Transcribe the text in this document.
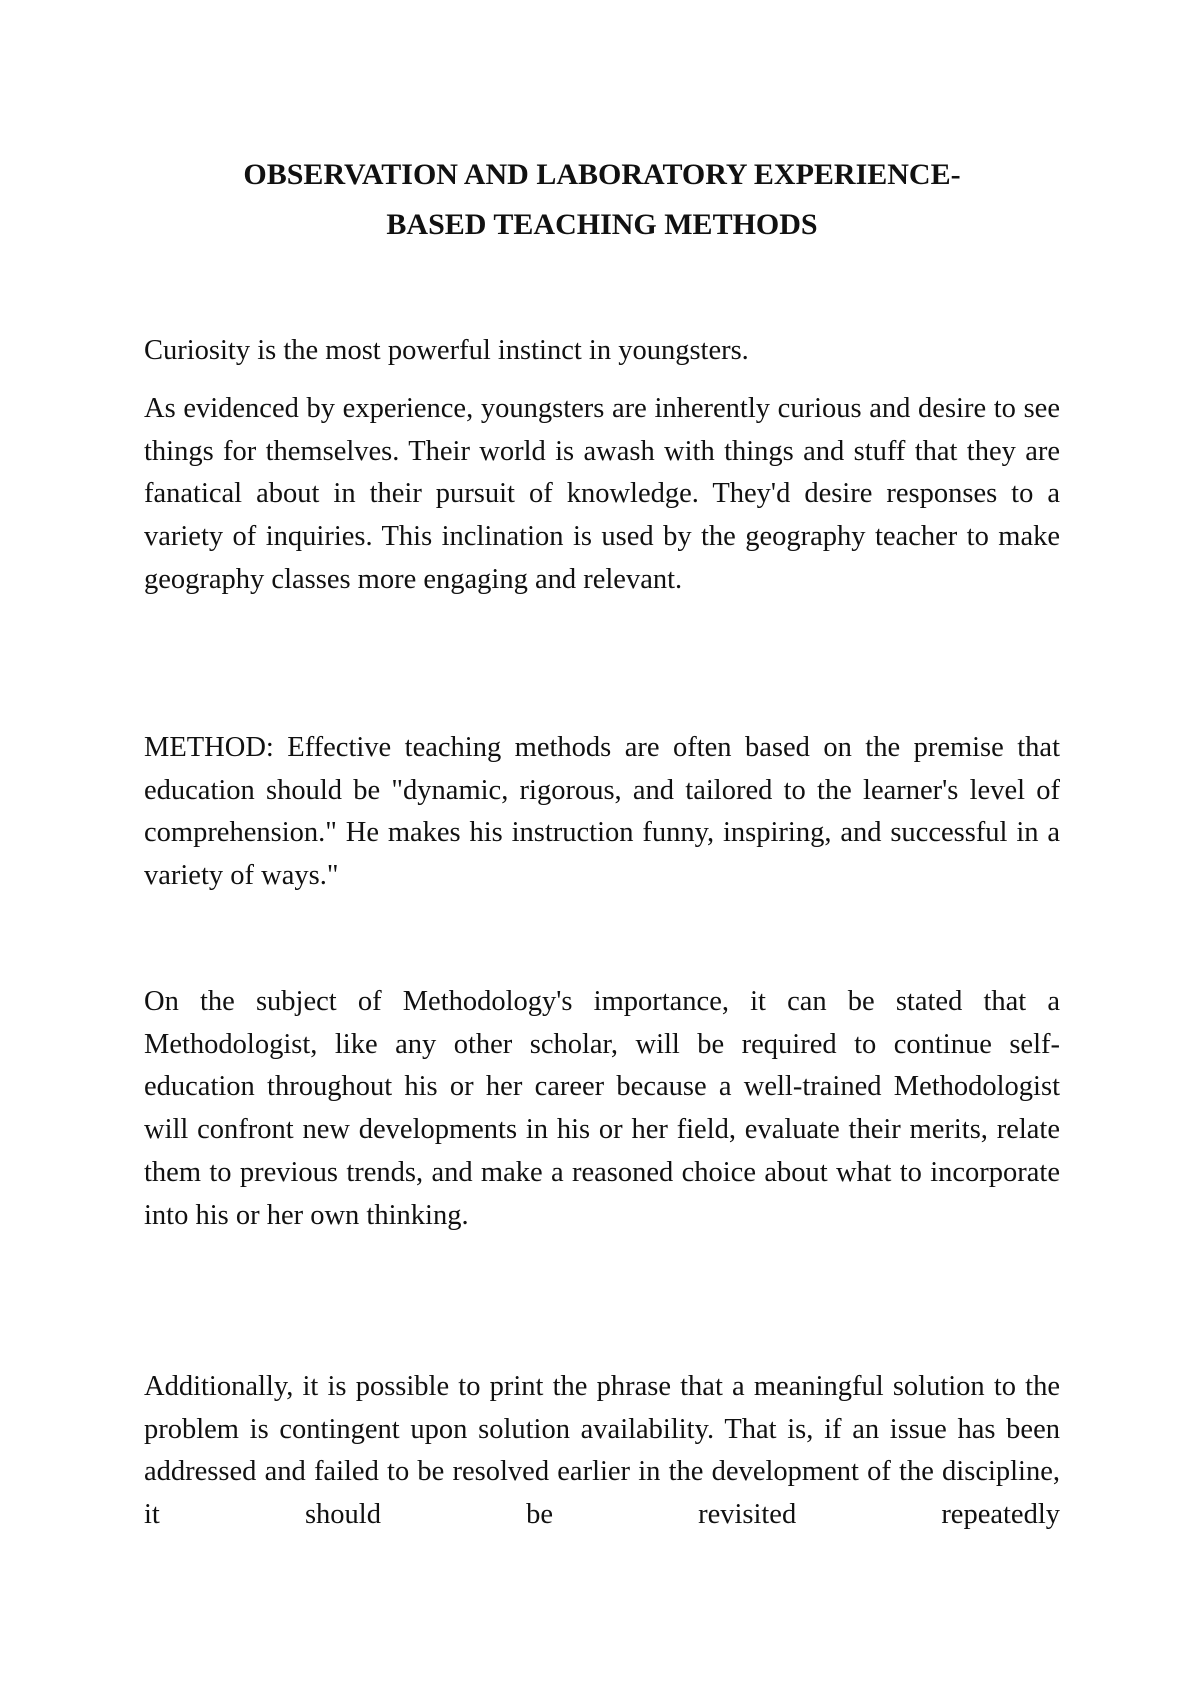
OBSERVATION AND LABORATORY EXPERIENCE-
BASED TEACHING METHODS

Curiosity is the most powerful instinct in youngsters.

As evidenced by experience, youngsters are inherently curious and desire to see things for themselves. Their world is awash with things and stuff that they are fanatical about in their pursuit of knowledge. They'd desire responses to a variety of inquiries. This inclination is used by the geography teacher to make geography classes more engaging and relevant.

METHOD: Effective teaching methods are often based on the premise that education should be "dynamic, rigorous, and tailored to the learner's level of comprehension." He makes his instruction funny, inspiring, and successful in a variety of ways."

On the subject of Methodology's importance, it can be stated that a Methodologist, like any other scholar, will be required to continue self-education throughout his or her career because a well-trained Methodologist will confront new developments in his or her field, evaluate their merits, relate them to previous trends, and make a reasoned choice about what to incorporate into his or her own thinking.

Additionally, it is possible to print the phrase that a meaningful solution to the problem is contingent upon solution availability. That is, if an issue has been addressed and failed to be resolved earlier in the development of the discipline, it should be revisited repeatedly
